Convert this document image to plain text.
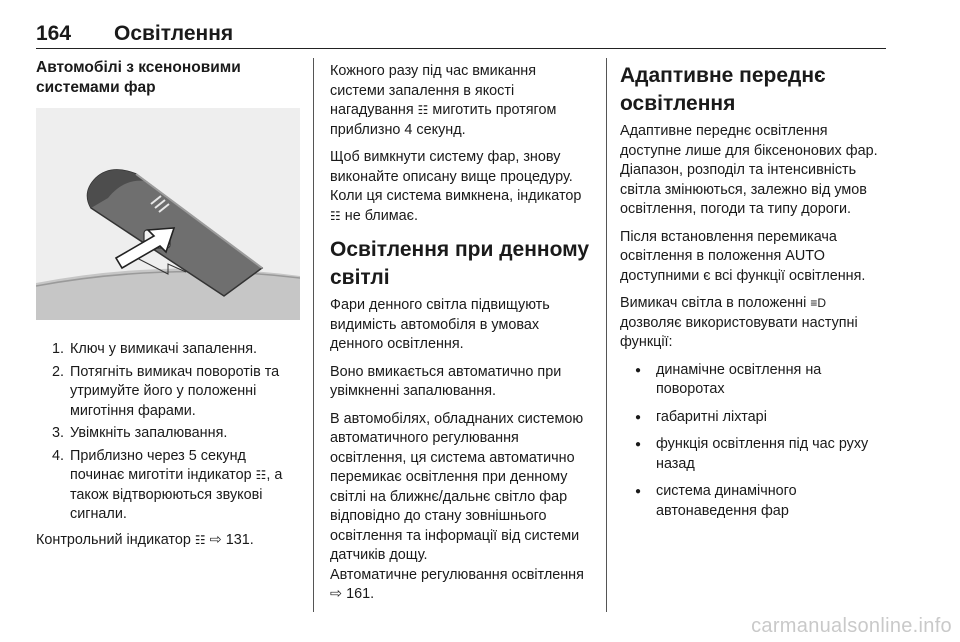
164 Освітлення
Автомобілі з ксеноновими системами фар
1. Ключ у вимикачі запалення.
2. Потягніть вимикач поворотів та утримуйте його у положенні миготіння фарами.
3. Увімкніть запалювання.
4. Приблизно через 5 секунд починає миготіти індикатор ☷, а також відтворюються звукові сигнали.

Контрольний індикатор ☷ ⇨ 131.

Кожного разу під час вмикання системи запалення в якості нагадування ☷ миготить протягом приблизно 4 секунд.

Щоб вимкнути систему фар, знову виконайте описану вище процедуру. Коли ця система вимкнена, індикатор ☷ не блимає.

Освітлення при денному світлі

Фари денного світла підвищують видимість автомобіля в умовах денного освітлення.

Воно вмикається автоматично при увімкненні запалювання.

В автомобілях, обладнаних системою автоматичного регулювання освітлення, ця система автоматично перемикає освітлення при денному світлі на ближнє/дальнє світло фар відповідно до стану зовнішнього освітлення та інформації від системи датчиків дощу.

Автоматичне регулювання освітлення ⇨ 161.

Адаптивне переднє освітлення

Адаптивне переднє освітлення доступне лише для біксенонових фар. Діапазон, розподіл та інтенсивність світла змінюються, залежно від умов освітлення, погоди та типу дороги.

Після встановлення перемикача освітлення в положення AUTO доступними є всі функції освітлення.

Вимикач світла в положенні ≡D дозволяє використовувати наступні функції:

●	динамічне освітлення на поворотах
●	габаритні ліхтарі
●	функція освітлення під час руху назад
●	система динамічного автонаведення фар
carmanualsonline.info
